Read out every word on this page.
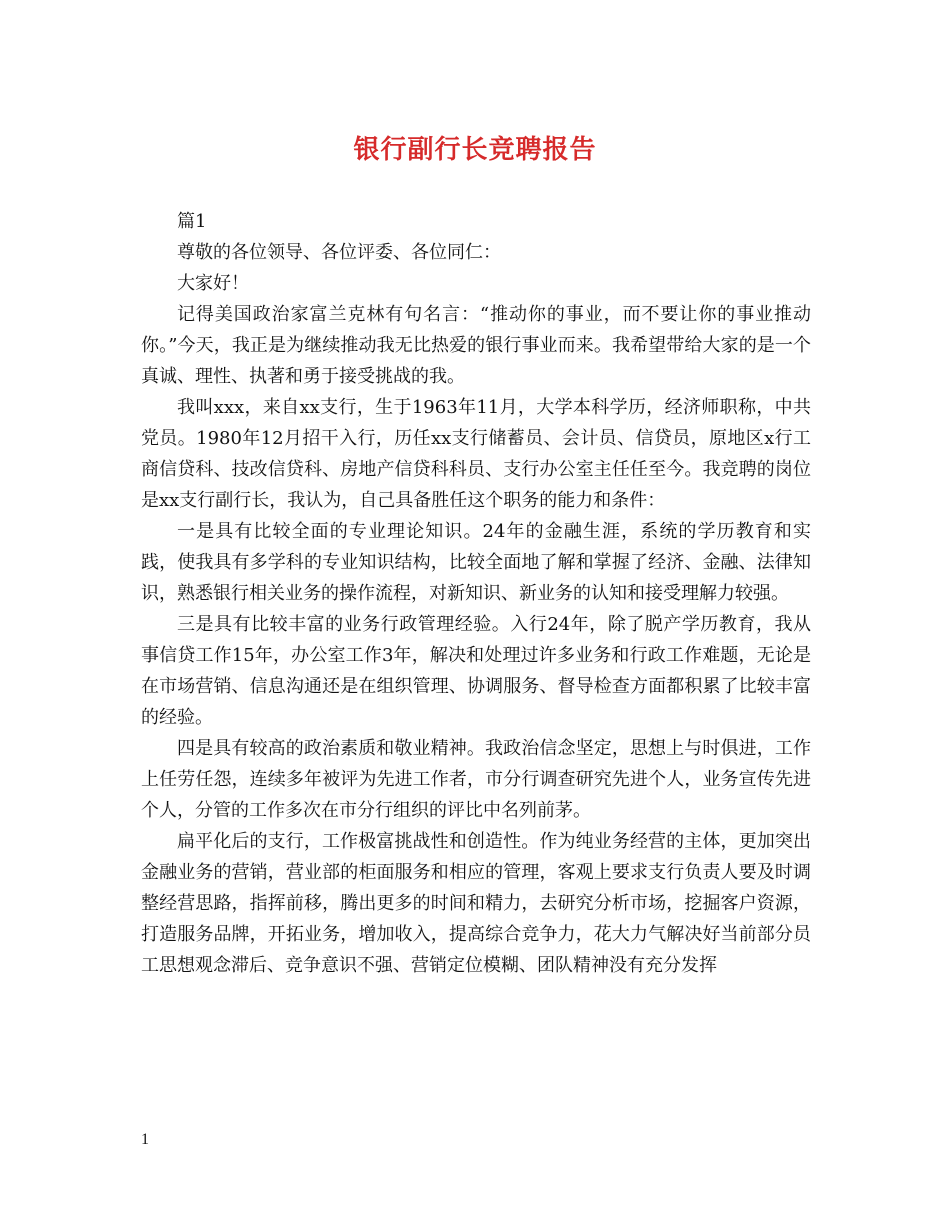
银行副行长竞聘报告

篇1

尊敬的各位领导、各位评委、各位同仁：

大家好！

记得美国政治家富兰克林有句名言：“推动你的事业，而不要让你的事业推动你。”今天，我正是为继续推动我无比热爱的银行事业而来。我希望带给大家的是一个真诚、理性、执著和勇于接受挑战的我。

我叫xxx，来自xx支行，生于1963年11月，大学本科学历，经济师职称，中共党员。1980年12月招干入行，历任xx支行储蓄员、会计员、信贷员，原地区x行工商信贷科、技改信贷科、房地产信贷科科员、支行办公室主任任至今。我竞聘的岗位是xx支行副行长，我认为，自己具备胜任这个职务的能力和条件：

一是具有比较全面的专业理论知识。24年的金融生涯，系统的学历教育和实践，使我具有多学科的专业知识结构，比较全面地了解和掌握了经济、金融、法律知识，熟悉银行相关业务的操作流程，对新知识、新业务的认知和接受理解力较强。

三是具有比较丰富的业务行政管理经验。入行24年，除了脱产学历教育，我从事信贷工作15年，办公室工作3年，解决和处理过许多业务和行政工作难题，无论是在市场营销、信息沟通还是在组织管理、协调服务、督导检查方面都积累了比较丰富的经验。

四是具有较高的政治素质和敬业精神。我政治信念坚定，思想上与时俱进，工作上任劳任怨，连续多年被评为先进工作者，市分行调查研究先进个人，业务宣传先进个人，分管的工作多次在市分行组织的评比中名列前茅。

扁平化后的支行，工作极富挑战性和创造性。作为纯业务经营的主体，更加突出金融业务的营销，营业部的柜面服务和相应的管理，客观上要求支行负责人要及时调整经营思路，指挥前移，腾出更多的时间和精力，去研究分析市场，挖掘客户资源，打造服务品牌，开拓业务，增加收入，提高综合竞争力，花大力气解决好当前部分员工思想观念滞后、竞争意识不强、营销定位模糊、团队精神没有充分发挥

1
